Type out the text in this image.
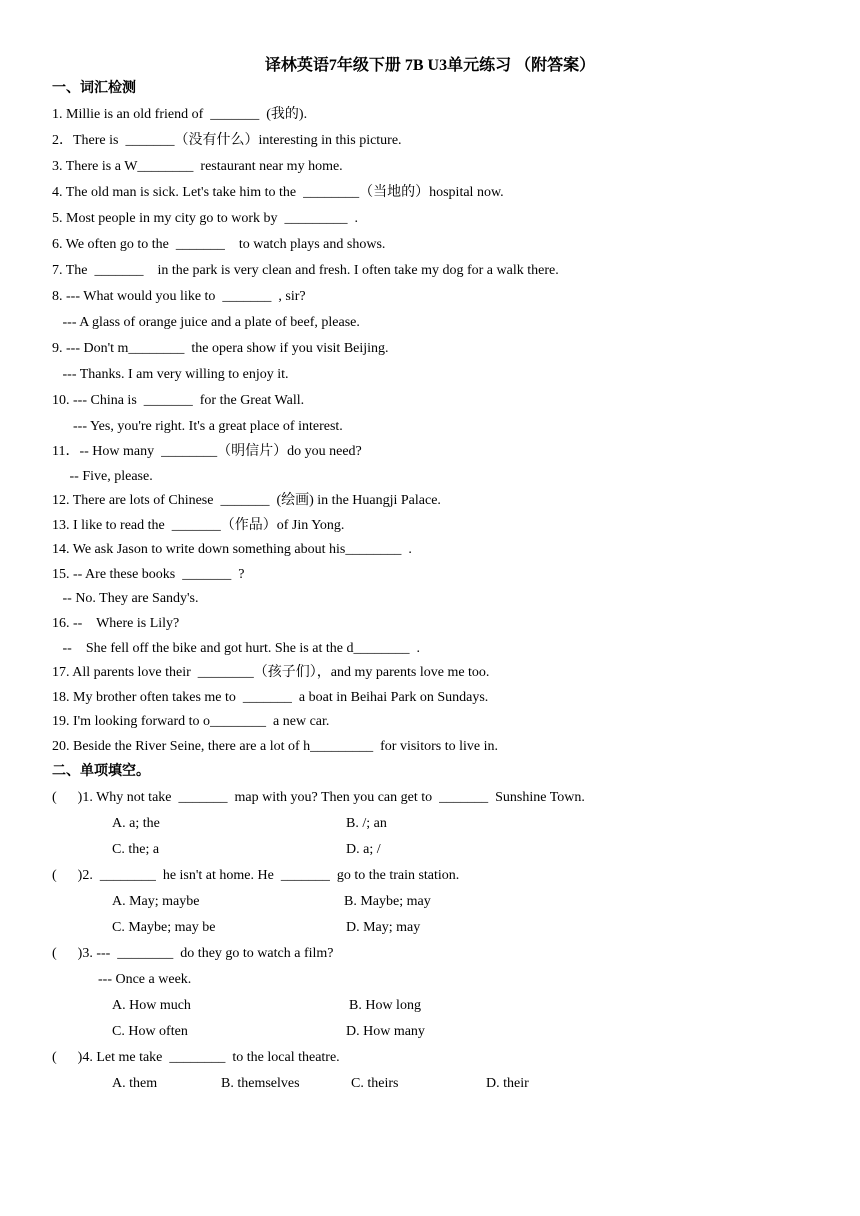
译林英语7年级下册 7B U3单元练习 （附答案）
一、词汇检测
1. Millie is an old friend of  _______  (我的).
2．There is  _______（没有什么）interesting in this picture.
3. There is a W________  restaurant near my home.
4. The old man is sick. Let's take him to the  ________（当地的）hospital now.
5. Most people in my city go to work by  _________  .
6. We often go to the  _______    to watch plays and shows.
7. The  _______    in the park is very clean and fresh. I often take my dog for a walk there.
8. --- What would you like to  _______  , sir?
--- A glass of orange juice and a plate of beef, please.
9. --- Don't m________  the opera show if you visit Beijing.
--- Thanks. I am very willing to enjoy it.
10. --- China is  _______  for the Great Wall.
--- Yes, you're right. It's a great place of interest.
11．-- How many  ________（明信片）do you need?
-- Five, please.
12. There are lots of Chinese  _______  (绘画) in the Huangji Palace.
13. I like to read the  _______（作品）of Jin Yong.
14. We ask Jason to write down something about his________  .
15. -- Are these books  _______  ?
-- No. They are Sandy's.
16. --    Where is Lily?
--    She fell off the bike and got hurt. She is at the d________  .
17. All parents love their  ________（孩子们），and my parents love me too.
18. My brother often takes me to  _______  a boat in Beihai Park on Sundays.
19. I'm looking forward to o________  a new car.
20. Beside the River Seine, there are a lot of h_________  for visitors to live in.
二、单项填空。
(      )1. Why not take  _______  map with you? Then you can get to  _______  Sunshine Town.
A. a; the	B. /; an
C. the; a	D. a; /
(      )2.  ________  he isn't at home. He  _______  go to the train station.
A. May; maybe	B. Maybe; may
C. Maybe; may be	D. May; may
(      )3. ---  ________  do they go to watch a film?
--- Once a week.
A. How much	B. How long
C. How often	D. How many
(      )4. Let me take  ________  to the local theatre.
A. them	B. themselves	C. theirs	D. their
